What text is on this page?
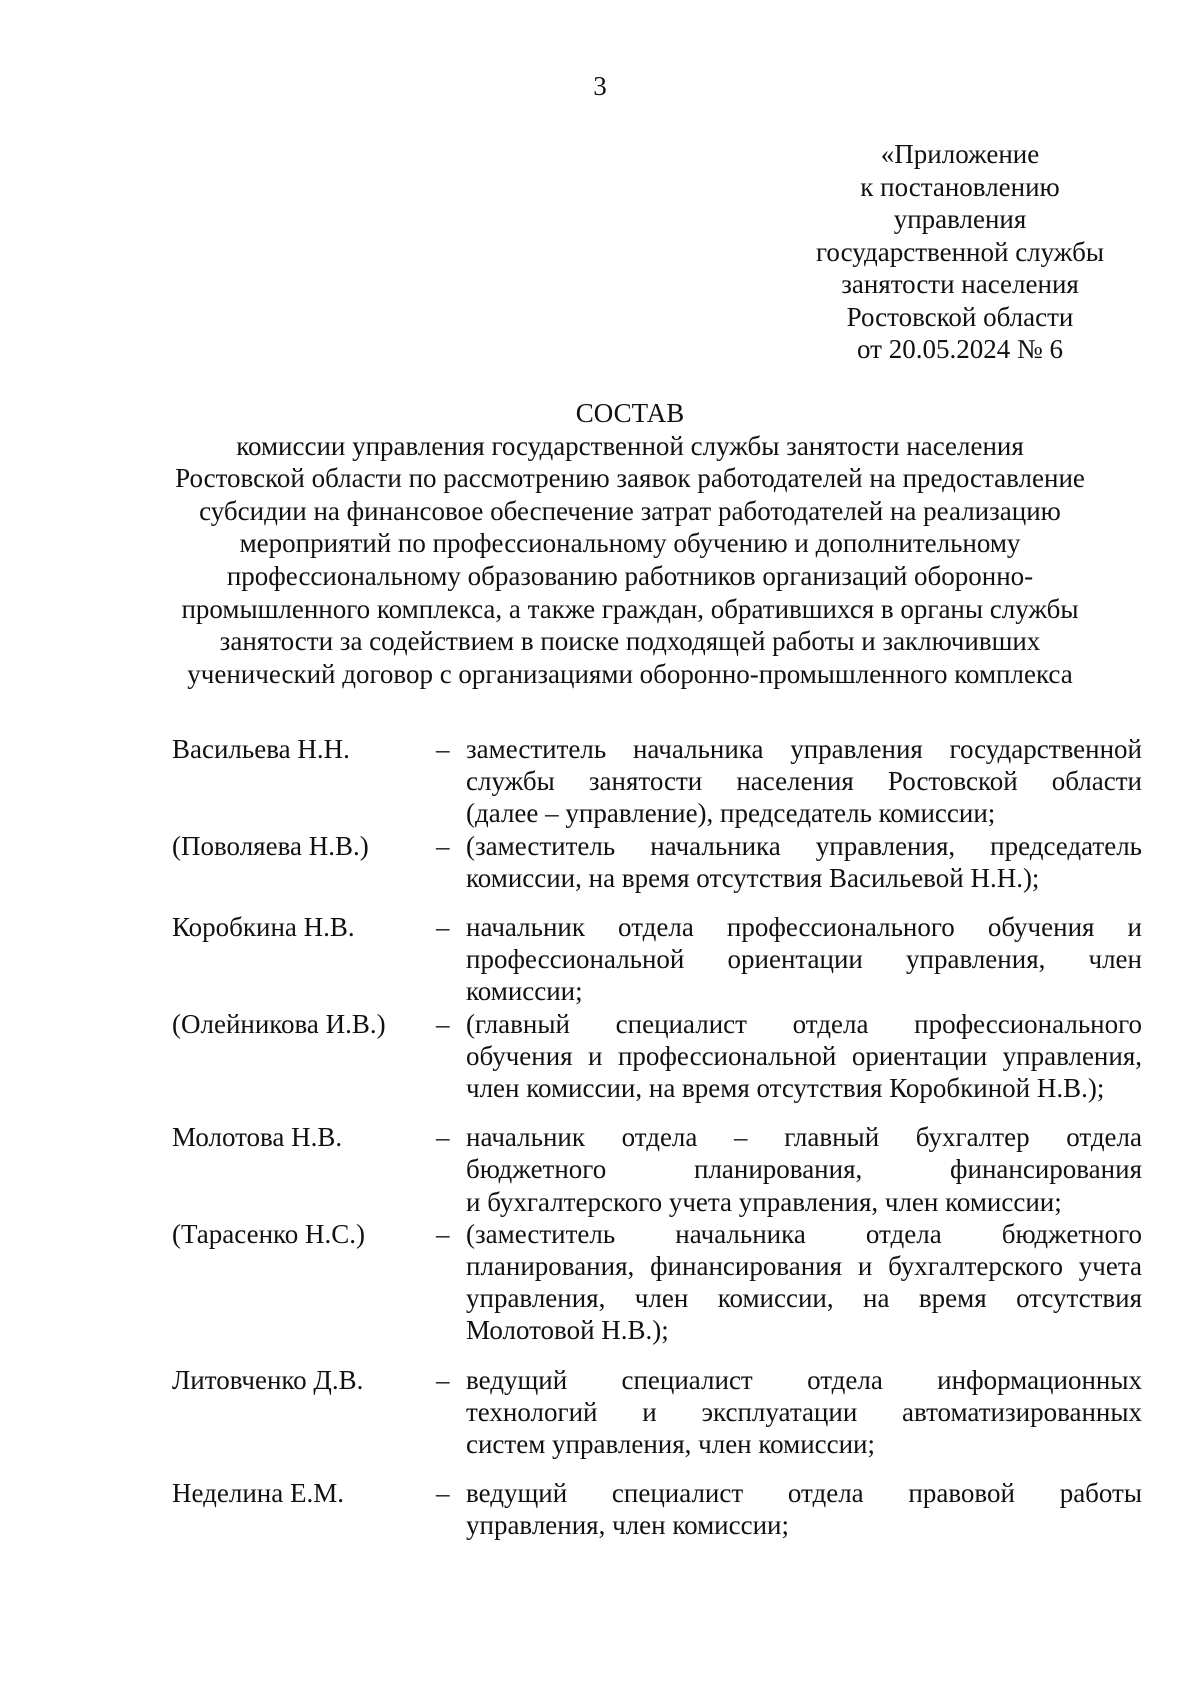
3
«Приложение
к постановлению
управления
государственной службы
занятости населения
Ростовской области
от 20.05.2024 № 6
СОСТАВ
комиссии управления государственной службы занятости населения
Ростовской области по рассмотрению заявок работодателей на предоставление
субсидии на финансовое обеспечение затрат работодателей на реализацию
мероприятий по профессиональному обучению и дополнительному
профессиональному образованию работников организаций оборонно-
промышленного комплекса, а также граждан, обратившихся в органы службы
занятости за содействием в поиске подходящей работы и заключивших
ученический договор с организациями оборонно-промышленного комплекса
Васильева Н.Н.	– заместитель начальника управления государственной
службы занятости населения Ростовской области
(далее – управление), председатель комиссии;
(Поволяева Н.В.)	– (заместитель начальника управления, председатель
комиссии, на время отсутствия Васильевой Н.Н.);
Коробкина Н.В.	– начальник отдела профессионального обучения и
профессиональной ориентации управления, член
комиссии;
(Олейникова И.В.)	– (главный специалист отдела профессионального
обучения и профессиональной ориентации управления,
член комиссии, на время отсутствия Коробкиной Н.В.);
Молотова Н.В.	– начальник отдела – главный бухгалтер отдела
бюджетного планирования, финансирования
и бухгалтерского учета управления, член комиссии;
(Тарасенко Н.С.)	– (заместитель начальника отдела бюджетного
планирования, финансирования и бухгалтерского учета
управления, член комиссии, на время отсутствия
Молотовой Н.В.);
Литовченко Д.В.	– ведущий специалист отдела информационных
технологий и эксплуатации автоматизированных
систем управления, член комиссии;
Неделина Е.М.	– ведущий специалист отдела правовой работы
управления, член комиссии;
